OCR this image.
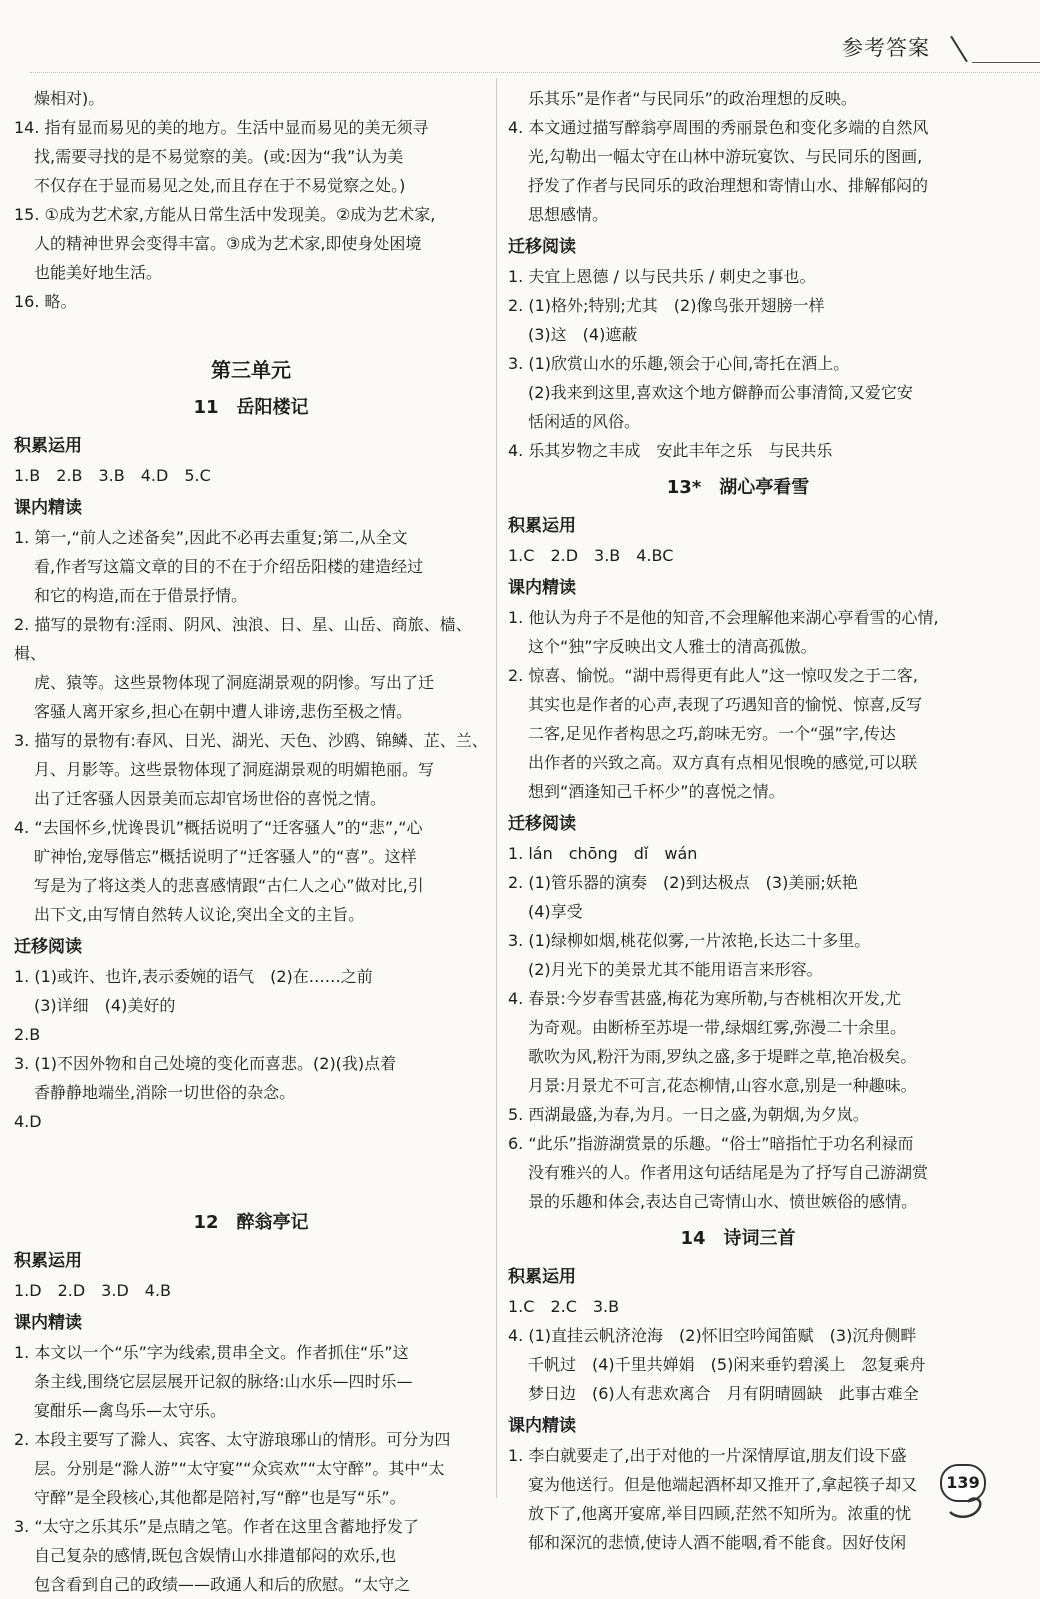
参考答案

燥相对)。

14. 指有显而易见的美的地方。生活中显而易见的美无须寻

找,需要寻找的是不易觉察的美。(或:因为“我”认为美

不仅存在于显而易见之处,而且存在于不易觉察之处。)

15. ①成为艺术家,方能从日常生活中发现美。②成为艺术家,

人的精神世界会变得丰富。③成为艺术家,即使身处困境

也能美好地生活。

16. 略。

第三单元
11　岳阳楼记
积累运用

1.B　2.B　3.B　4.D　5.C

课内精读

1. 第一,“前人之述备矣”,因此不必再去重复;第二,从全文

看,作者写这篇文章的目的不在于介绍岳阳楼的建造经过

和它的构造,而在于借景抒情。

2. 描写的景物有:淫雨、阴风、浊浪、日、星、山岳、商旅、樯、楫、

虎、猿等。这些景物体现了洞庭湖景观的阴惨。写出了迁

客骚人离开家乡,担心在朝中遭人诽谤,悲伤至极之情。

3. 描写的景物有:春风、日光、湖光、天色、沙鸥、锦鳞、芷、兰、

月、月影等。这些景物体现了洞庭湖景观的明媚艳丽。写

出了迁客骚人因景美而忘却官场世俗的喜悦之情。

4. “去国怀乡,忧谗畏讥”概括说明了“迁客骚人”的“悲”,“心

旷神怡,宠辱偕忘”概括说明了“迁客骚人”的“喜”。这样

写是为了将这类人的悲喜感情跟“古仁人之心”做对比,引

出下文,由写情自然转人议论,突出全文的主旨。

迁移阅读

1. (1)或许、也许,表示委婉的语气　(2)在……之前

(3)详细　(4)美好的

2.B

3. (1)不因外物和自己处境的变化而喜悲。(2)(我)点着

香静静地端坐,消除一切世俗的杂念。

4.D

12　醉翁亭记
积累运用

1.D　2.D　3.D　4.B

课内精读

1. 本文以一个“乐”字为线索,贯串全文。作者抓住“乐”这

条主线,围绕它层层展开记叙的脉络:山水乐—四时乐—

宴酣乐—禽鸟乐—太守乐。

2. 本段主要写了滁人、宾客、太守游琅琊山的情形。可分为四

层。分别是“滁人游”“太守宴”“众宾欢”“太守醉”。其中“太

守醉”是全段核心,其他都是陪衬,写“醉”也是写“乐”。

3. “太守之乐其乐”是点睛之笔。作者在这里含蓄地抒发了

自己复杂的感情,既包含娱情山水排遣郁闷的欢乐,也

包含看到自己的政绩——政通人和后的欣慰。“太守之

乐其乐”是作者“与民同乐”的政治理想的反映。

4. 本文通过描写醉翁亭周围的秀丽景色和变化多端的自然风

光,勾勒出一幅太守在山林中游玩宴饮、与民同乐的图画,

抒发了作者与民同乐的政治理想和寄情山水、排解郁闷的

思想感情。

迁移阅读

1. 夫宜上恩德 / 以与民共乐 / 刺史之事也。

2. (1)格外;特别;尤其　(2)像鸟张开翅膀一样

(3)这　(4)遮蔽

3. (1)欣赏山水的乐趣,领会于心间,寄托在酒上。

(2)我来到这里,喜欢这个地方僻静而公事清简,又爱它安

恬闲适的风俗。

4. 乐其岁物之丰成　安此丰年之乐　与民共乐

13*　湖心亭看雪
积累运用

1.C　2.D　3.B　4.BC

课内精读

1. 他认为舟子不是他的知音,不会理解他来湖心亭看雪的心情,

这个“独”字反映出文人雅士的清高孤傲。

2. 惊喜、愉悦。“湖中焉得更有此人”这一惊叹发之于二客,

其实也是作者的心声,表现了巧遇知音的愉悦、惊喜,反写

二客,足见作者构思之巧,韵味无穷。一个“强”字,传达

出作者的兴致之高。双方真有点相见恨晚的感觉,可以联

想到“酒逢知己千杯少”的喜悦之情。

迁移阅读

1. lán　chōng　dǐ　wán

2. (1)管乐器的演奏　(2)到达极点　(3)美丽;妖艳

(4)享受

3. (1)绿柳如烟,桃花似雾,一片浓艳,长达二十多里。

(2)月光下的美景尤其不能用语言来形容。

4. 春景:今岁春雪甚盛,梅花为寒所勒,与杏桃相次开发,尤

为奇观。由断桥至苏堤一带,绿烟红雾,弥漫二十余里。

歌吹为风,粉汗为雨,罗纨之盛,多于堤畔之草,艳冶极矣。

月景:月景尤不可言,花态柳情,山容水意,别是一种趣味。

5. 西湖最盛,为春,为月。一日之盛,为朝烟,为夕岚。

6. “此乐”指游湖赏景的乐趣。“俗士”暗指忙于功名利禄而

没有雅兴的人。作者用这句话结尾是为了抒写自己游湖赏

景的乐趣和体会,表达自己寄情山水、愤世嫉俗的感情。

14　诗词三首
积累运用

1.C　2.C　3.B

4. (1)直挂云帆济沧海　(2)怀旧空吟闻笛赋　(3)沉舟侧畔

千帆过　(4)千里共婵娟　(5)闲来垂钓碧溪上　忽复乘舟

梦日边　(6)人有悲欢离合　月有阴晴圆缺　此事古难全

课内精读

1. 李白就要走了,出于对他的一片深情厚谊,朋友们设下盛

宴为他送行。但是他端起酒杯却又推开了,拿起筷子却又

放下了,他离开宴席,举目四顾,茫然不知所为。浓重的忧

郁和深沉的悲愤,使诗人酒不能咽,肴不能食。因好伎闲

139
